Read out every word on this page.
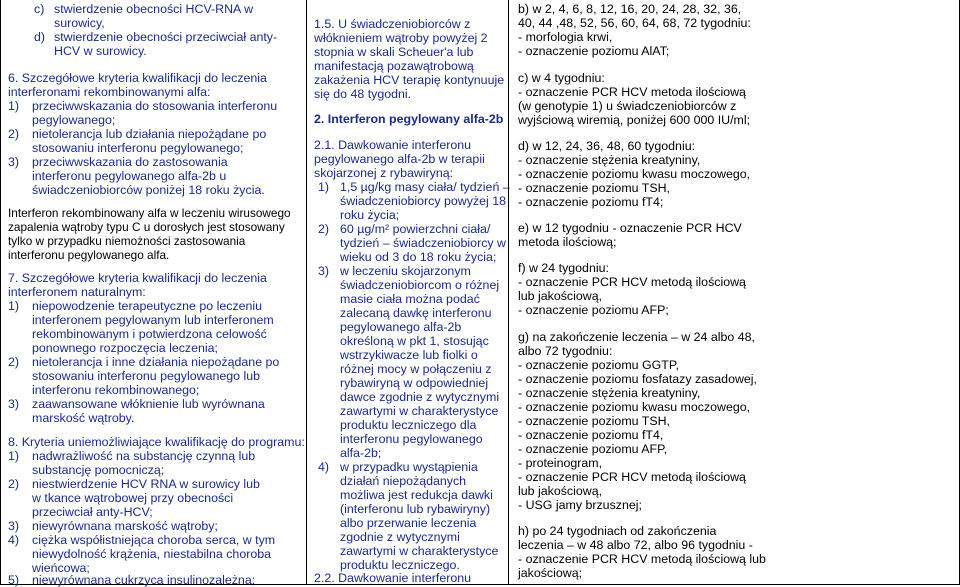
c) stwierdzenie obecności HCV-RNA w
surowicy,
d) stwierdzenie obecności przeciwciał anty-
HCV w surowicy.
6. Szczegółowe kryteria kwalifikacji do leczenia
interferonami rekombinowanymi alfa:
1) przeciwwskazania do stosowania interferonu
pegylowanego;
2) nietolerancja lub działania niepożądane po
stosowaniu interferonu pegylowanego;
3) przeciwwskazania do zastosowania
interferonu pegylowanego alfa-2b u
świadczeniobiorców poniżej 18 roku życia.
Interferon rekombinowany alfa w leczeniu wirusowego
zapalenia wątroby typu C u dorosłych jest stosowany
tylko w przypadku niemożności zastosowania
interferonu pegylowanego alfa.
7. Szczegółowe kryteria kwalifikacji do leczenia
interferonem naturalnym:
1) niepowodzenie terapeutyczne po leczeniu
interferonem pegylowanym lub interferonem
rekombinowanym i potwierdzona celowość
ponownego rozpoczęcia leczenia;
2) nietolerancja i inne działania niepożądane po
stosowaniu interferonu pegylowanego lub
interferonu rekombinowanego;
3) zaawansowane włóknienie lub wyrównana
marskość wątroby.
8. Kryteria uniemożliwiające kwalifikację do programu:
1) nadwrażliwość na substancję czynną lub
substancję pomocniczą;
2) niestwierdzenie HCV RNA w surowicy lub
w tkance wątrobowej przy obecności
przeciwciał anty-HCV;
3) niewyrównana marskość wątroby;
4) ciężka współistniejąca choroba serca, w tym
niewydolność krążenia, niestabilna choroba
wieńcowa;
5) niewyrównana cukrzyca insulinozależna;
1.5. U świadczeniobiorców z
włóknieniem wątroby powyżej 2
stopnia w skali Scheuer'a lub
manifestacją pozawątrobową
zakażenia HCV terapię kontynuuje
się do 48 tygodni.
2. Interferon pegylowany alfa-2b
2.1. Dawkowanie interferonu
pegylowanego alfa-2b w terapii
skojarzonej z rybawiryną:
1) 1,5 µg/kg masy ciała/ tydzień –
świadczeniobiorcy powyżej 18
roku życia;
2) 60 µg/m² powierzchni ciała/
tydzień – świadczeniobiorcy w
wieku od 3 do 18 roku życia;
3) w leczeniu skojarzonym
świadczeniobiorcom o różnej
masie ciała można podać
zalecaną dawkę interferonu
pegylowanego alfa-2b
określoną w pkt 1, stosując
wstrzykiwacze lub fiolki o
różnej mocy w połączeniu z
rybawiryną w odpowiedniej
dawce zgodnie z wytycznymi
zawartymi w charakterystyce
produktu leczniczego dla
interferonu pegylowanego
alfa-2b;
4) w przypadku wystąpienia
działań niepożądanych
możliwa jest redukcja dawki
(interferonu lub rybawiryny)
albo przerwanie leczenia
zgodnie z wytycznymi
zawartymi w charakterystyce
produktu leczniczego.
2.2. Dawkowanie interferonu
b) w 2, 4, 6, 8, 12, 16, 20, 24, 28, 32, 36,
40, 44 ,48, 52, 56, 60, 64, 68, 72 tygodniu:
- morfologia krwi,
- oznaczenie poziomu AlAT;
c) w 4 tygodniu:
- oznaczenie PCR HCV metoda ilościową
(w genotypie 1) u świadczeniobiorców z
wyjściową wiremią, poniżej 600 000 IU/ml;
d) w 12, 24, 36, 48, 60 tygodniu:
- oznaczenie stężenia kreatyniny,
- oznaczenie poziomu kwasu moczowego,
- oznaczenie poziomu TSH,
- oznaczenie poziomu fT4;
e) w 12 tygodniu - oznaczenie PCR HCV
metoda ilościową;
f) w 24 tygodniu:
- oznaczenie PCR HCV metodą ilościową
lub jakościową,
- oznaczenie poziomu AFP;
g) na zakończenie leczenia – w 24 albo 48,
albo 72 tygodniu:
- oznaczenie poziomu GGTP,
- oznaczenie poziomu fosfatazy zasadowej,
- oznaczenie stężenia kreatyniny,
- oznaczenie poziomu kwasu moczowego,
- oznaczenie poziomu TSH,
- oznaczenie poziomu fT4,
- oznaczenie poziomu AFP,
- proteinogram,
- oznaczenie PCR HCV metodą ilościową
lub jakościową,
- USG jamy brzusznej;
h) po 24 tygodniach od zakończenia
leczenia – w 48 albo 72, albo 96 tygodniu -
- oznaczenie PCR HCV metodą ilościową lub
jakościową;
